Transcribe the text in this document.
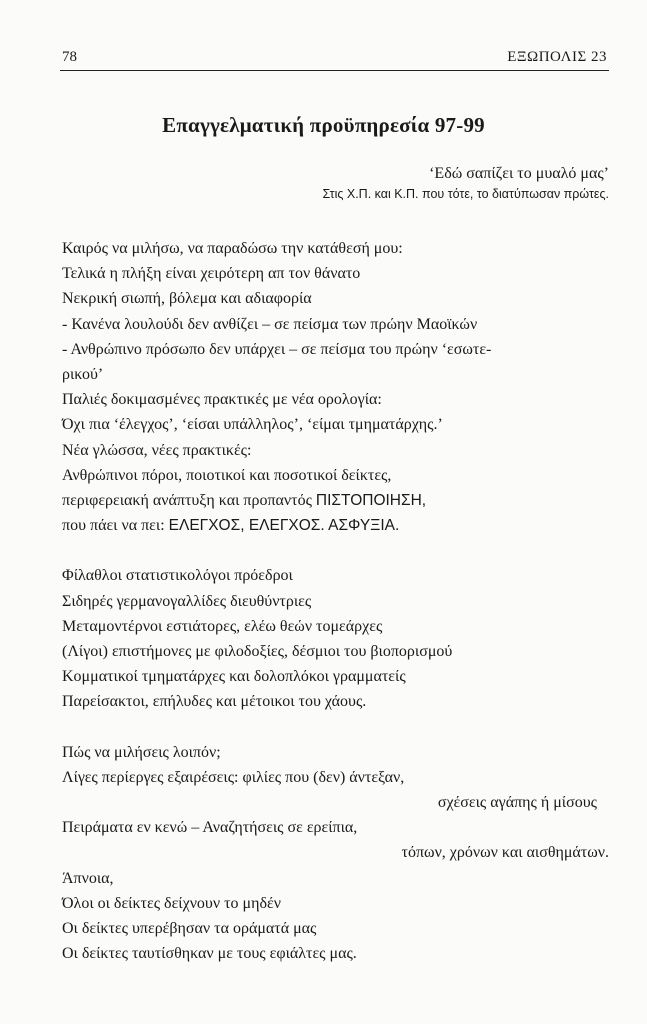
78	ΕΞΩΠΟΛΙΣ 23
Επαγγελματική προϋπηρεσία 97-99
‘Εδώ σαπίζει το μυαλό μας’
Στις Χ.Π. και Κ.Π. που τότε, το διατύπωσαν πρώτες.
Καιρός να μιλήσω, να παραδώσω την κατάθεσή μου:
Τελικά η πλήξη είναι χειρότερη απ τον θάνατο
Νεκρική σιωπή, βόλεμα και αδιαφορία
- Κανένα λουλούδι δεν ανθίζει – σε πείσμα των πρώην Μαοϊκών
- Ανθρώπινο πρόσωπο δεν υπάρχει – σε πείσμα του πρώην ‘εσωτε-
ρικού’
Παλιές δοκιμασμένες πρακτικές με νέα ορολογία:
Όχι πια ‘έλεγχος’, ‘είσαι υπάλληλος’, ‘είμαι τμηματάρχης.’
Νέα γλώσσα, νέες πρακτικές:
Ανθρώπινοι πόροι, ποιοτικοί και ποσοτικοί δείκτες,
περιφερειακή ανάπτυξη και προπαντός ΠΙΣΤΟΠΟΙΗΣΗ,
που πάει να πει: ΕΛΕΓΧΟΣ, ΕΛΕΓΧΟΣ. ΑΣΦΥΞΙΑ.
Φίλαθλοι στατιστικολόγοι πρόεδροι
Σιδηρές γερμανογαλλίδες διευθύντριες
Μεταμοντέρνοι εστιάτορες, ελέω θεών τομεάρχες
(Λίγοι) επιστήμονες με φιλοδοξίες, δέσμιοι του βιοπορισμού
Κομματικοί τμηματάρχες και δολοπλόκοι γραμματείς
Παρείσακτοι, επήλυδες και μέτοικοι του χάους.
Πώς να μιλήσεις λοιπόν;
Λίγες περίεργες εξαιρέσεις: φιλίες που (δεν) άντεξαν,
σχέσεις αγάπης ή μίσους
Πειράματα εν κενώ – Αναζητήσεις σε ερείπια,
τόπων, χρόνων και αισθημάτων.
Άπνοια,
Όλοι οι δείκτες δείχνουν το μηδέν
Οι δείκτες υπερέβησαν τα οράματά μας
Οι δείκτες ταυτίσθηκαν με τους εφιάλτες μας.
